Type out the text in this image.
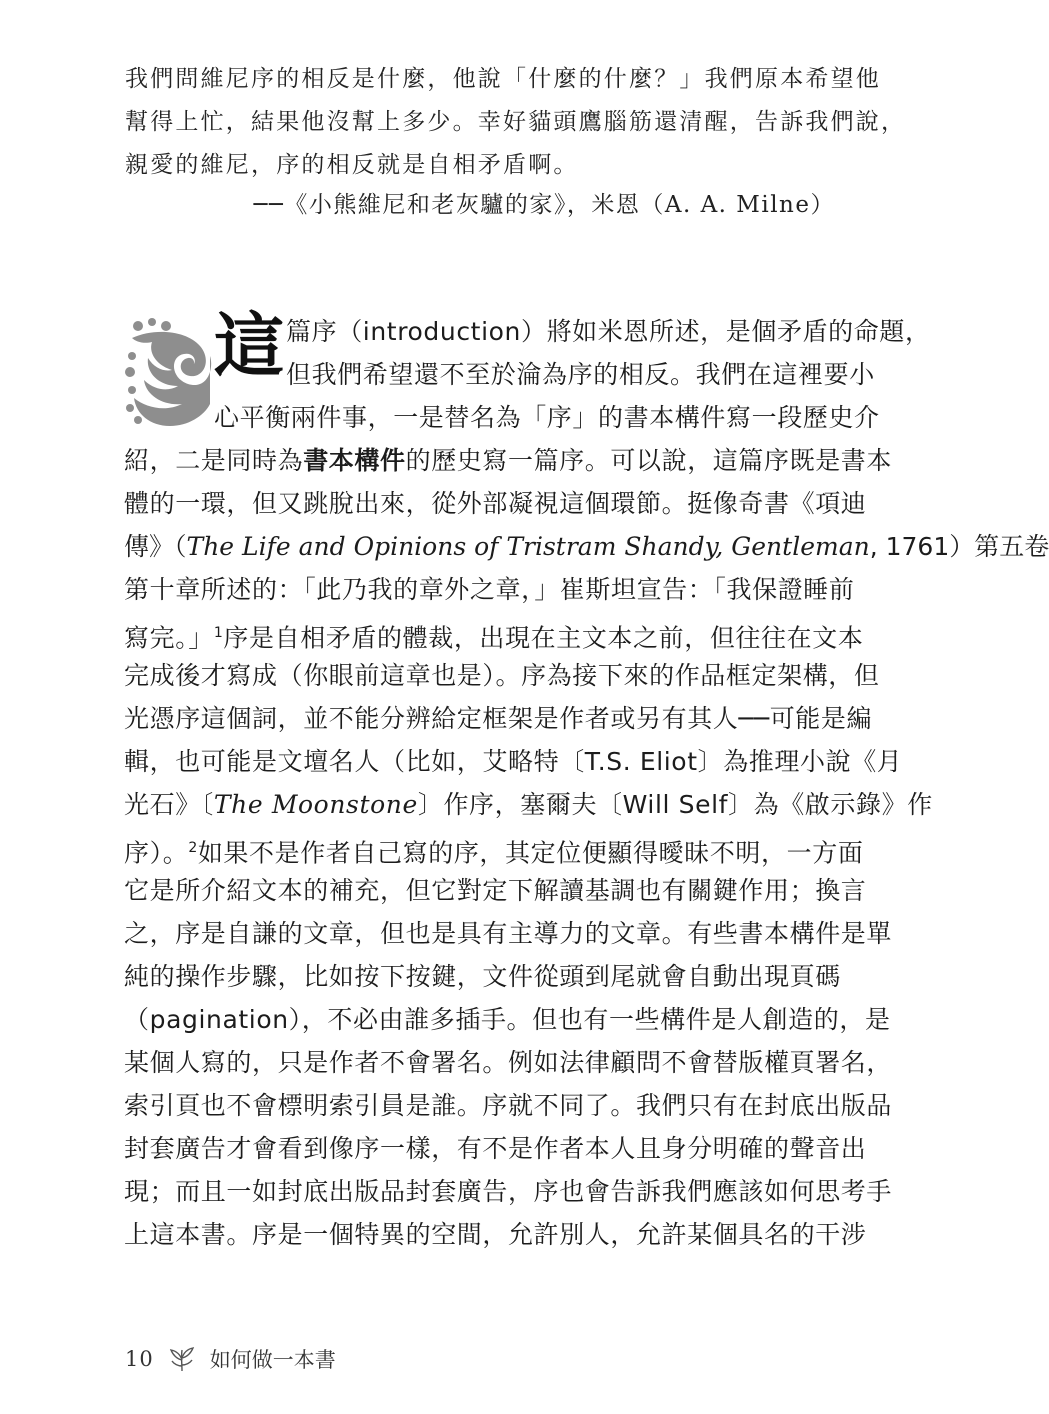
我們問維尼序的相反是什麼，他說「什麼的什麼？」我們原本希望他

幫得上忙，結果他沒幫上多少。幸好貓頭鷹腦筋還清醒，告訴我們說，

親愛的維尼，序的相反就是自相矛盾啊。

──《小熊維尼和老灰驢的家》，米恩（A. A. Milne）
這 篇序（introduction）將如米恩所述，是個矛盾的命題，

但我們希望還不至於淪為序的相反。我們在這裡要小

心平衡兩件事，一是替名為「序」的書本構件寫一段歷史介

紹，二是同時為書本構件的歷史寫一篇序。可以說，這篇序既是書本

體的一環，但又跳脫出來，從外部凝視這個環節。挺像奇書《項迪

傳》（The Life and Opinions of Tristram Shandy, Gentleman, 1761）第五卷

第十章所述的：「此乃我的章外之章，」崔斯坦宣告：「我保證睡前

寫完。」$^1$序是自相矛盾的體裁，出現在主文本之前，但往往在文本

完成後才寫成（你眼前這章也是）。序為接下來的作品框定架構，但

光憑序這個詞，並不能分辨給定框架是作者或另有其人──可能是編

輯，也可能是文壇名人（比如，艾略特〔T.S. Eliot〕為推理小說《月

光石》〔The Moonstone〕作序，塞爾夫〔Will Self〕為《啟示錄》作

序）。$^2$如果不是作者自己寫的序，其定位便顯得曖昧不明，一方面

它是所介紹文本的補充，但它對定下解讀基調也有關鍵作用；換言

之，序是自謙的文章，但也是具有主導力的文章。有些書本構件是單

純的操作步驟，比如按下按鍵，文件從頭到尾就會自動出現頁碼

（pagination），不必由誰多插手。但也有一些構件是人創造的，是

某個人寫的，只是作者不會署名。例如法律顧問不會替版權頁署名，

索引頁也不會標明索引員是誰。序就不同了。我們只有在封底出版品

封套廣告才會看到像序一樣，有不是作者本人且身分明確的聲音出

現；而且一如封底出版品封套廣告，序也會告訴我們應該如何思考手

上這本書。序是一個特異的空間，允許別人，允許某個具名的干涉

10	如何做一本書
